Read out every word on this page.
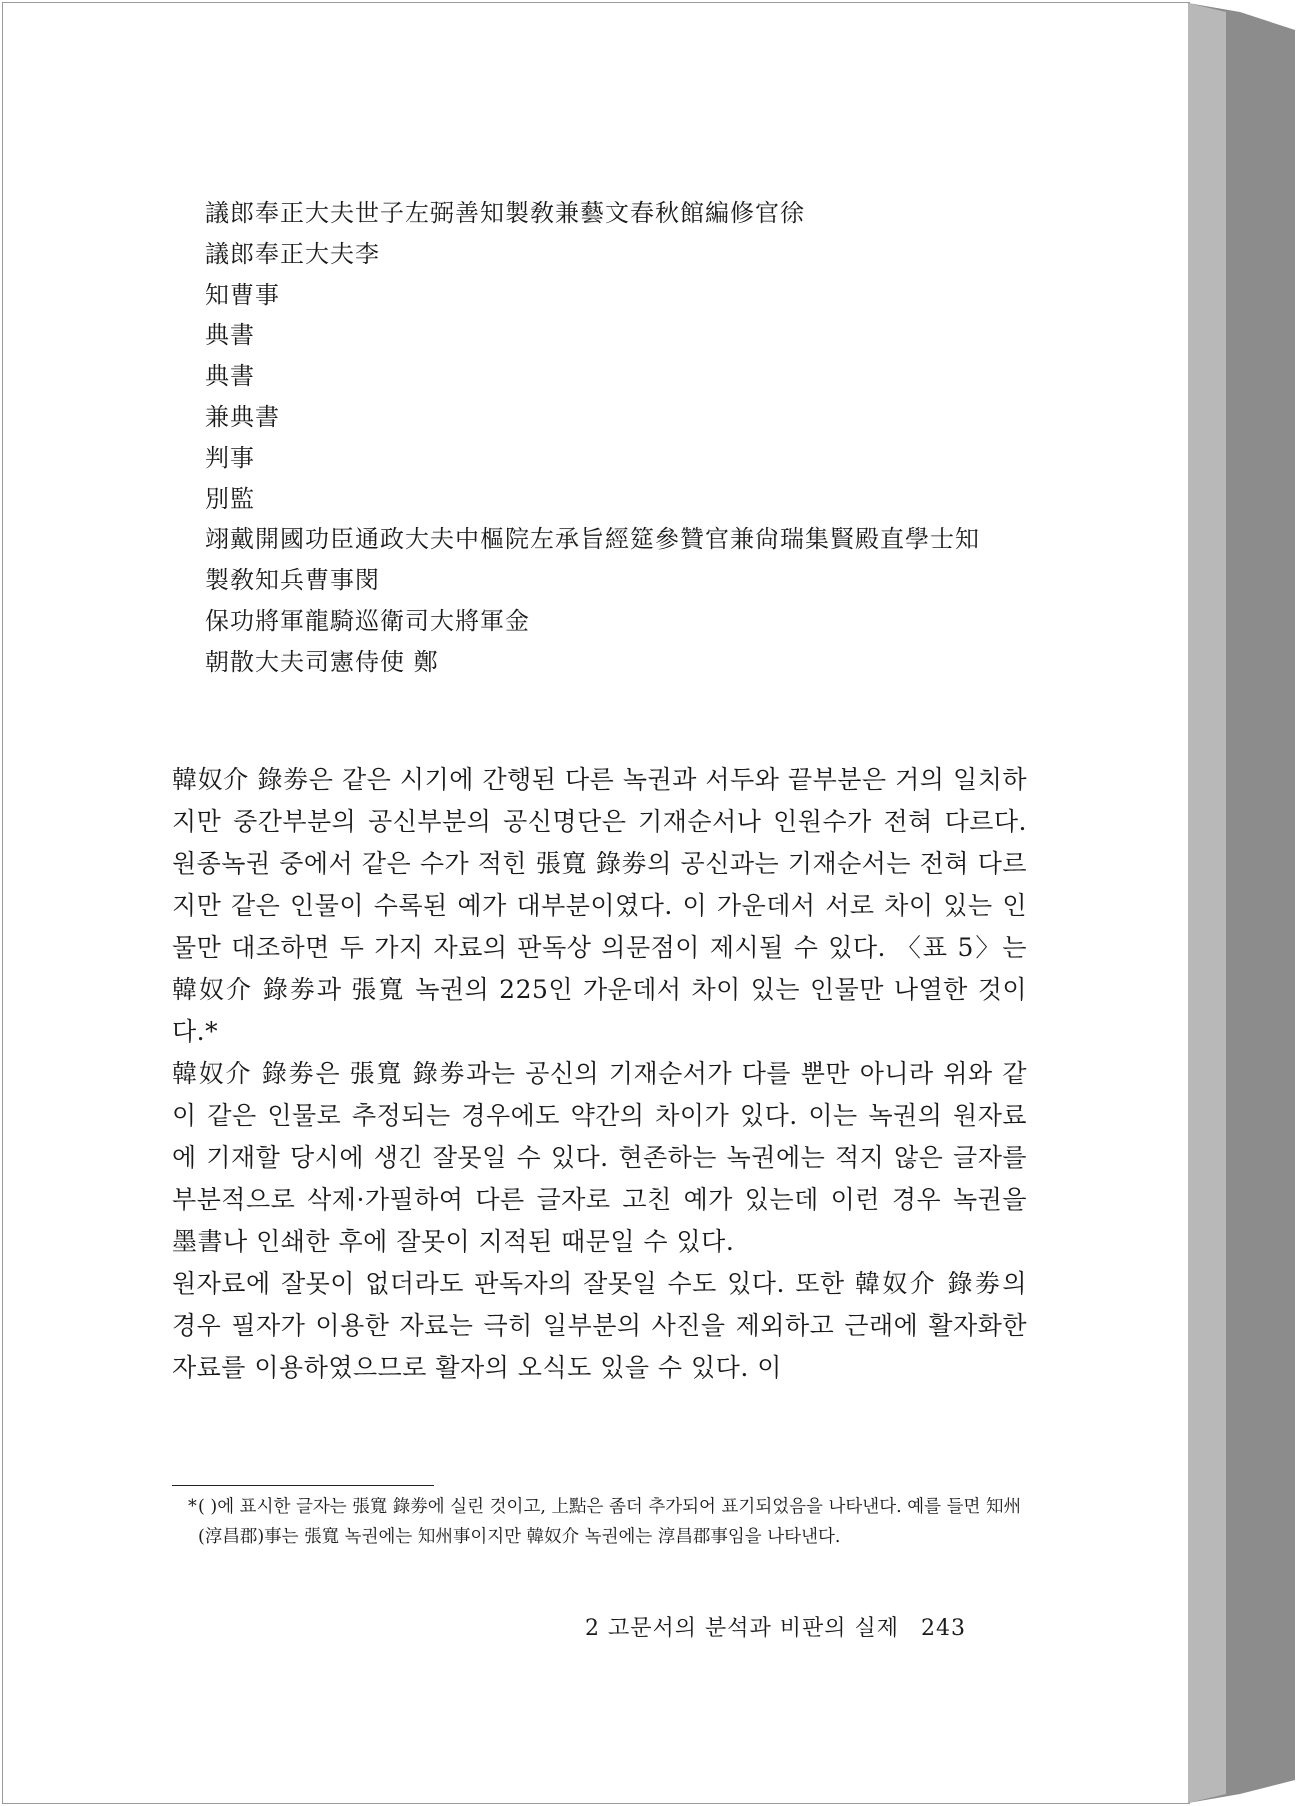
議郎奉正大夫世子左弼善知製敎兼藝文春秋館編修官徐
議郎奉正大夫李
知曹事
典書
典書
兼典書
判事
別監
翊戴開國功臣通政大夫中樞院左承旨經筵參贊官兼尙瑞集賢殿直學士知
製敎知兵曹事閔
保功將軍龍騎巡衛司大將軍金
朝散大夫司憲侍使 鄭

韓奴介 錄劵은 같은 시기에 간행된 다른 녹권과 서두와 끝부분은 거의 일치하지만 중간부분의 공신부분의 공신명단은 기재순서나 인원수가 전혀 다르다. 원종녹권 중에서 같은 수가 적힌 張寬 錄劵의 공신과는 기재순서는 전혀 다르지만 같은 인물이 수록된 예가 대부분이였다. 이 가운데서 서로 차이 있는 인물만 대조하면 두 가지 자료의 판독상 의문점이 제시될 수 있다. 〈표 5〉는 韓奴介 錄劵과 張寬 녹권의 225인 가운데서 차이 있는 인물만 나열한 것이다.*

韓奴介 錄劵은 張寬 錄劵과는 공신의 기재순서가 다를 뿐만 아니라 위와 같이 같은 인물로 추정되는 경우에도 약간의 차이가 있다. 이는 녹권의 원자료에 기재할 당시에 생긴 잘못일 수 있다. 현존하는 녹권에는 적지 않은 글자를 부분적으로 삭제·가필하여 다른 글자로 고친 예가 있는데 이런 경우 녹권을 墨書나 인쇄한 후에 잘못이 지적된 때문일 수 있다.

원자료에 잘못이 없더라도 판독자의 잘못일 수도 있다. 또한 韓奴介 錄劵의 경우 필자가 이용한 자료는 극히 일부분의 사진을 제외하고 근래에 활자화한 자료를 이용하였으므로 활자의 오식도 있을 수 있다. 이

* ( )에 표시한 글자는 張寬 錄劵에 실린 것이고, 上點은 좀더 추가되어 표기되었음을 나타낸다. 예를 들면 知州(淳昌郡)事는 張寬 녹권에는 知州事이지만 韓奴介 녹권에는 淳昌郡事임을 나타낸다.
2 고문서의 분석과 비판의 실제 243
